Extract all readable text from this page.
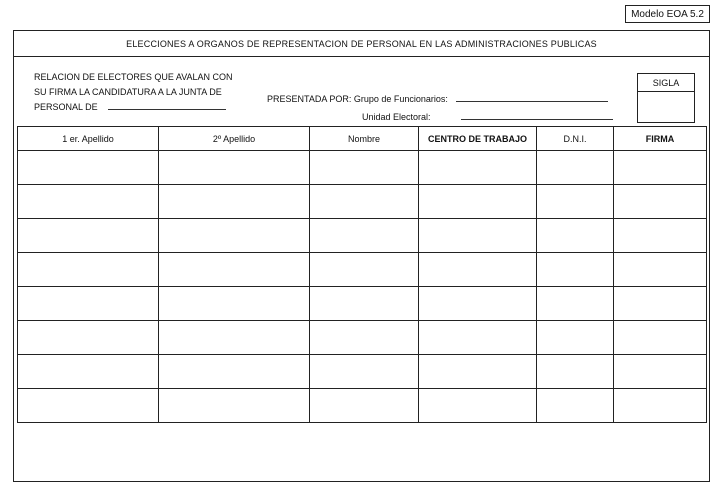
Modelo EOA 5.2
ELECCIONES A ORGANOS DE REPRESENTACION DE PERSONAL EN LAS ADMINISTRACIONES PUBLICAS
RELACION DE ELECTORES QUE AVALAN CON
SU FIRMA LA CANDIDATURA A LA JUNTA DE
PERSONAL DE
PRESENTADA POR: Grupo de Funcionarios:
Unidad Electoral:
SIGLA
1 er. Apellido	2º Apellido	Nombre	CENTRO DE TRABAJO	D.N.I.	FIRMA
